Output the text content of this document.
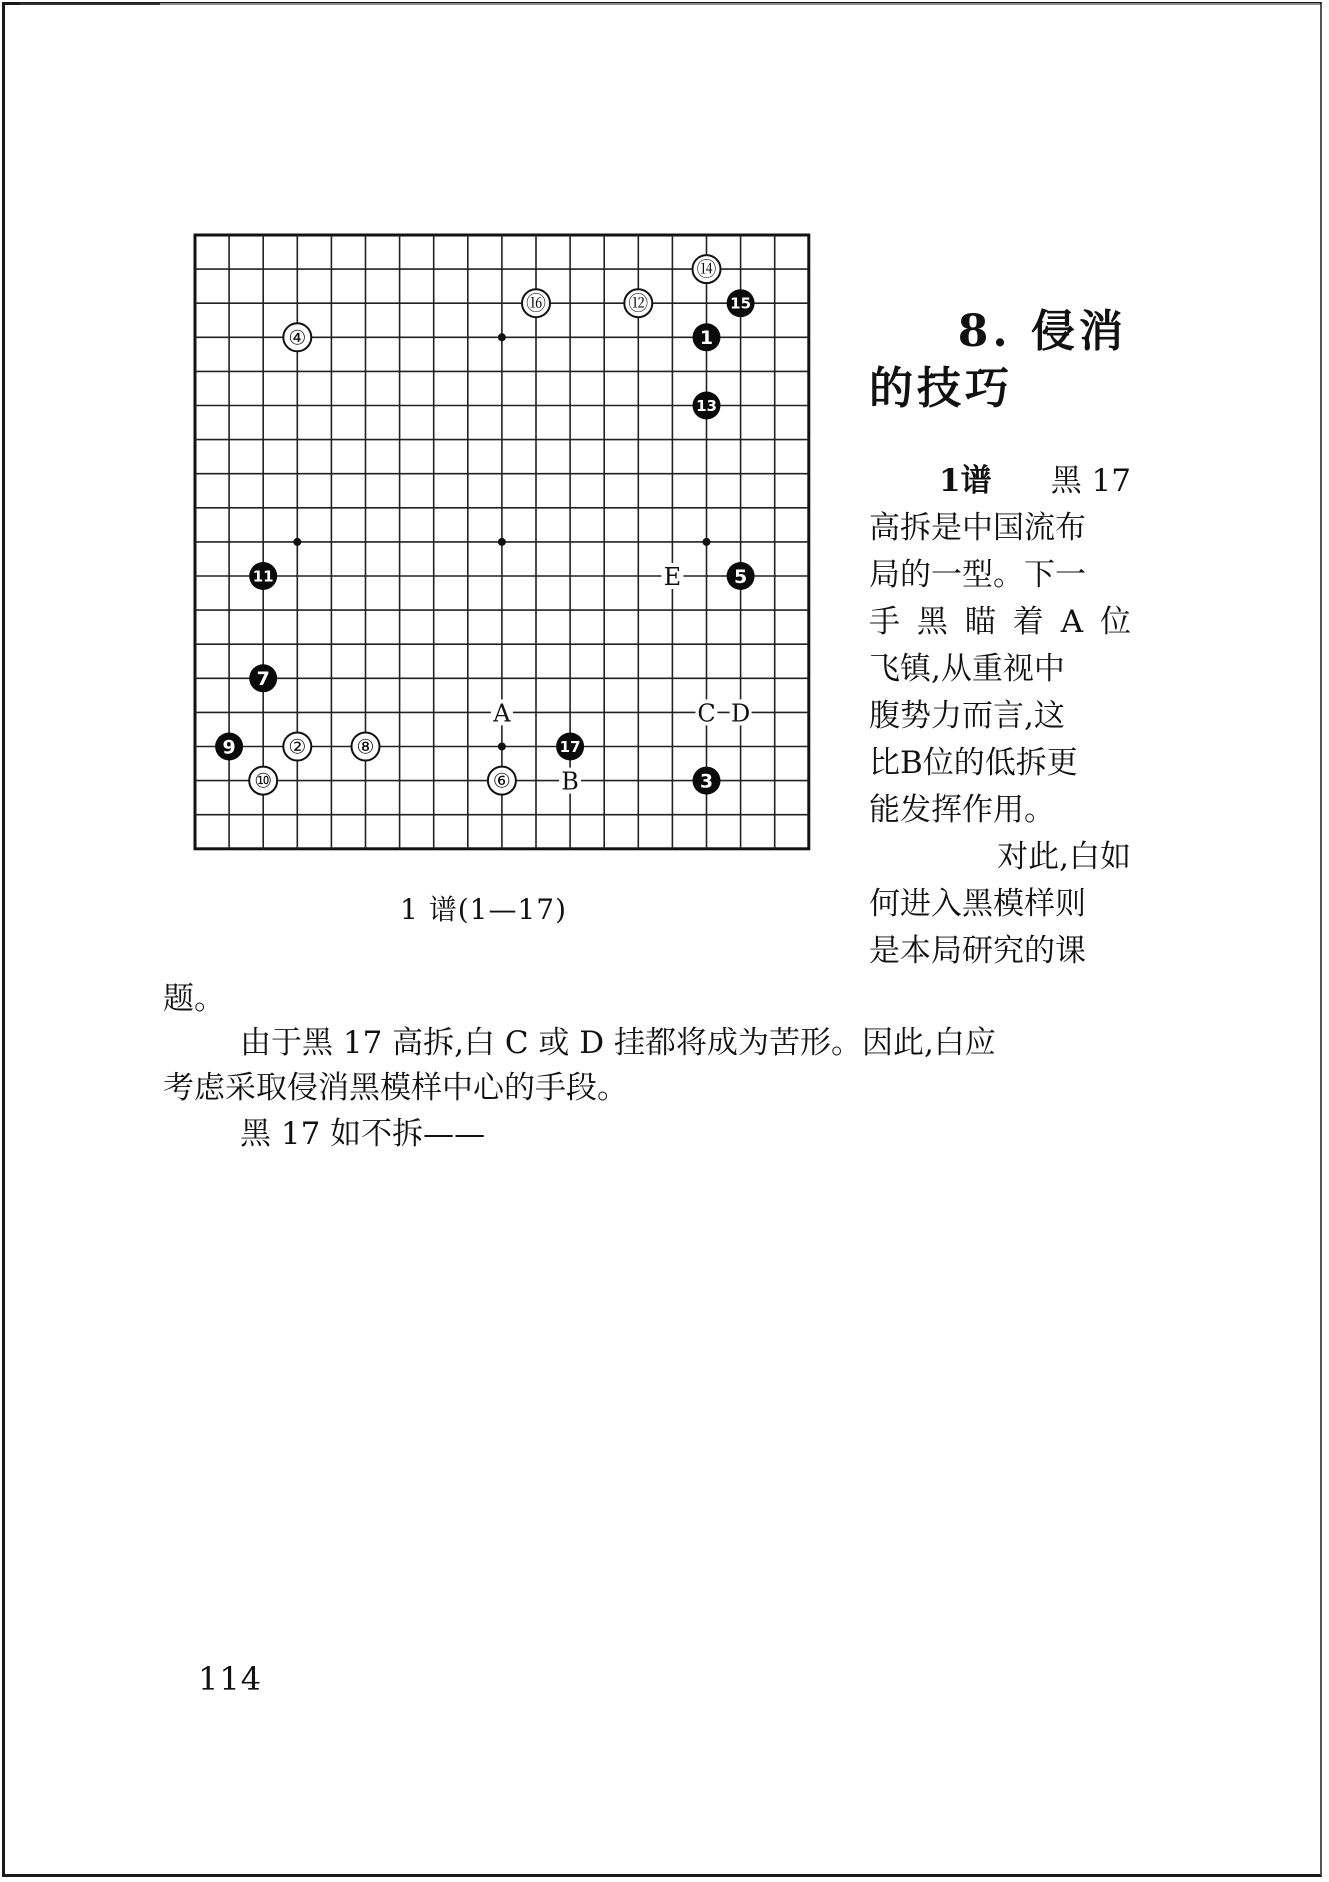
A
B
C D
E
④
⑯	⑫
⑭
②	⑧
⑩	⑥
1
15
13
5
11
7
9	17
3
1 谱(1—17)
8. 侵消
的技巧
1谱 黑 17
高拆是中国流布
局的一型。下一
手 黑 瞄 着 A 位
飞镇,从重视中
腹势力而言,这
比B位的低拆更
能发挥作用。
对此,白如
何进入黑模样则
是本局研究的课
题。
由于黑 17 高拆,白 C 或 D 挂都将成为苦形。因此,白应
考虑采取侵消黑模样中心的手段。
黑 17 如不拆——
114
